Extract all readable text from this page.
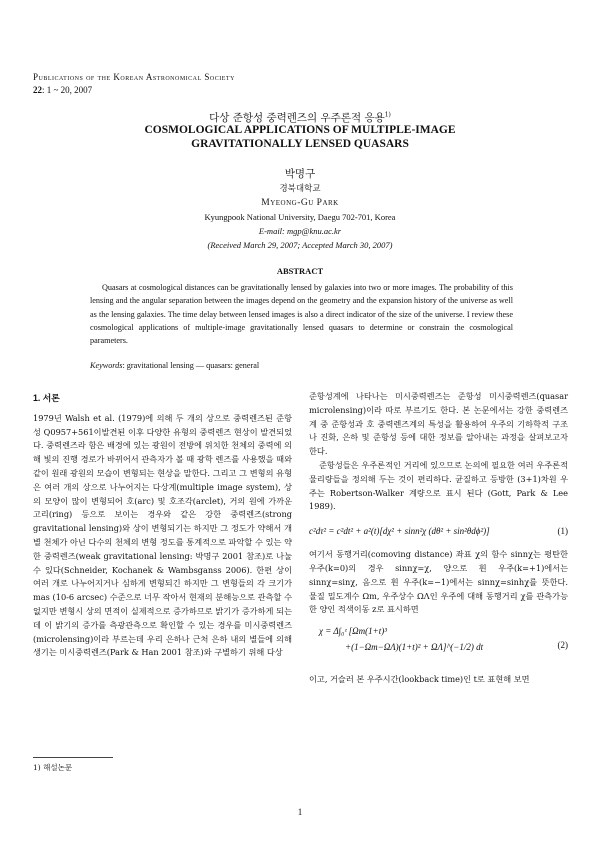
Publications of the Korean Astronomical Society
22: 1 ~ 20, 2007
다상 준항성 중력렌즈의 우주론적 응용$^{1)}$
COSMOLOGICAL APPLICATIONS OF MULTIPLE-IMAGE
GRAVITATIONALLY LENSED QUASARS
박명구
경북대학교
Myeong-Gu Park
Kyungpook National University, Daegu 702-701, Korea
E-mail: mgp@knu.ac.kr
(Received March 29, 2007; Accepted March 30, 2007)
ABSTRACT
Quasars at cosmological distances can be gravitationally lensed by galaxies into two or more images. The probability of this lensing and the angular separation between the images depend on the geometry and the expansion history of the universe as well as the lensing galaxies. The time delay between lensed images is also a direct indicator of the size of the universe. I review these cosmological applications of multiple-image gravitationally lensed quasars to determine or constrain the cosmological parameters.
Keywords: gravitational lensing — quasars: general
1. 서론

1979년 Walsh et al. (1979)에 의해 두 개의 상으로 중력렌즈된 준항성 Q0957+561이발견된 이후 다양한 유형의 중력렌즈 현상이 발견되었다. 중력렌즈라 함은 배경에 있는 광원이 전방에 위치한 천체의 중력에 의해 빛의 진행 경로가 바뀌어서 관측자가 볼 때 광학 렌즈를 사용했을 때와 같이 원래 광원의 모습이 변형되는 현상을 말한다. 그리고 그 변형의 유형은 여러 개의 상으로 나누어지는 다상계(multiple image system), 상의 모양이 많이 변형되어 호(arc) 및 호조각(arclet), 거의 원에 가까운 고리(ring) 등으로 보이는 경우와 같은 강한 중력렌즈(strong gravitational lensing)와 상이 변형되기는 하지만 그 정도가 약해서 개별 천체가 아닌 다수의 천체의 변형 정도를 통계적으로 파악할 수 있는 약한 중력렌즈(weak gravitational lensing: 박명구 2001 참조)로 나눌 수 있다(Schneider, Kochanek & Wambsganss 2006). 한편 상이 여러 개로 나누어지거나 심하게 변형되긴 하지만 그 변형들의 각 크기가 mas (10-6 arcsec) 수준으로 너무 작아서 현재의 분해능으로 관측할 수 없지만 변형시 상의 면적이 실제적으로 증가하므로 밝기가 증가하게 되는데 이 밝기의 증가를 측광관측으로 확인할 수 있는 경우를 미시중력렌즈(microlensing)이라 부르는데 우리 은하나 근처 은하 내의 별들에 의해 생기는 미시중력렌즈(Park & Han 2001 참조)와 구별하기 위해 다상

준항성계에 나타나는 미시중력렌즈는 준항성 미시중력렌즈(quasar microlensing)이라 따로 부르기도 한다. 본 논문에서는 강한 중력렌즈계 중 준항성과 호 중력렌즈계의 특성을 활용하여 우주의 기하학적 구조나 진화, 은하 및 준항성 등에 대한 정보를 알아내는 과정을 살펴보고자 한다.

준항성들은 우주론적인 거리에 있으므로 논의에 필요한 여러 우주론적 물리량들을 정의해 두는 것이 편리하다. 균질하고 등방한 (3+1)차원 우주는 Robertson-Walker 계량으로 표시 된다 (Gott, Park & Lee 1989).

c²dτ² = c²dt² + a²(t)[dχ² + sinn²χ (dθ² + sin²θdϕ²)]	(1)

여기서 동행거리(comoving distance) 좌표 χ의 함수 sinnχ는 평탄한 우주(k=0)의 경우 sinnχ=χ, 양으로 휜 우주(k=+1)에서는 sinnχ=sinχ, 음으로 휜 우주(k=−1)에서는 sinnχ=sinhχ를 뜻한다. 물질 밀도계수 Ωm, 우주상수 ΩΛ인 우주에 대해 동행거리 χ를 관측가능한 양인 적색이동 z로 표시하면

χ = Δ∫₀ᶻ [Ωm(1+t)³
+(1−Ωm−ΩΛ)(1+t)² + ΩΛ]^(−1/2) dt	(2)

이고, 거슬러 본 우주시간(lookback time)인 t로 표현해 보면

1) 해설논문
1
